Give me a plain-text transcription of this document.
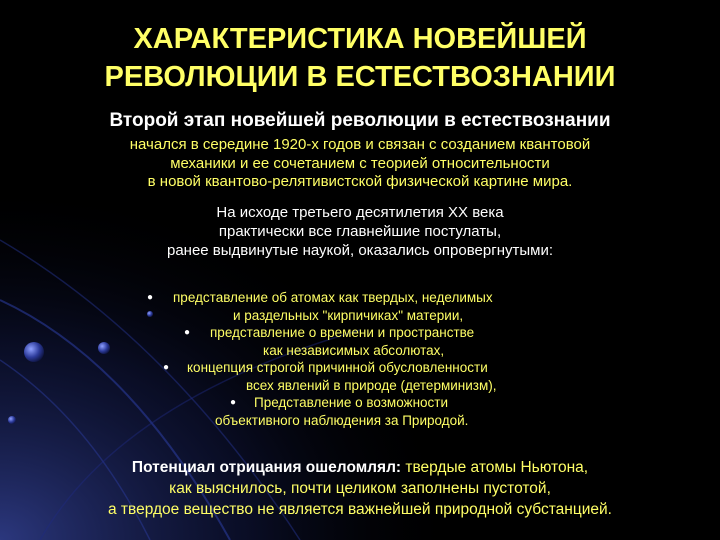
ХАРАКТЕРИСТИКА НОВЕЙШЕЙ
РЕВОЛЮЦИИ В ЕСТЕСТВОЗНАНИИ
Второй этап новейшей революции в естествознании
начался в середине 1920-х годов и связан с созданием квантовой
механики и ее сочетанием с теорией относительности
в новой квантово-релятивистской физической картине мира.
На исходе третьего десятилетия XX века
практически все главнейшие постулаты,
ранее выдвинутые наукой, оказались опровергнутыми:
●	представление об атомах как твердых, неделимых
и раздельных "кирпичиках" материи,
●	представление о времени и пространстве
как независимых абсолютах,
●	концепция строгой причинной обусловленности
всех явлений в природе (детерминизм),
●	Представление о возможности
объективного наблюдения за Природой.
Потенциал отрицания ошеломлял: твердые атомы Ньютона,
как выяснилось, почти целиком заполнены пустотой,
а твердое вещество не является важнейшей природной субстанцией.
